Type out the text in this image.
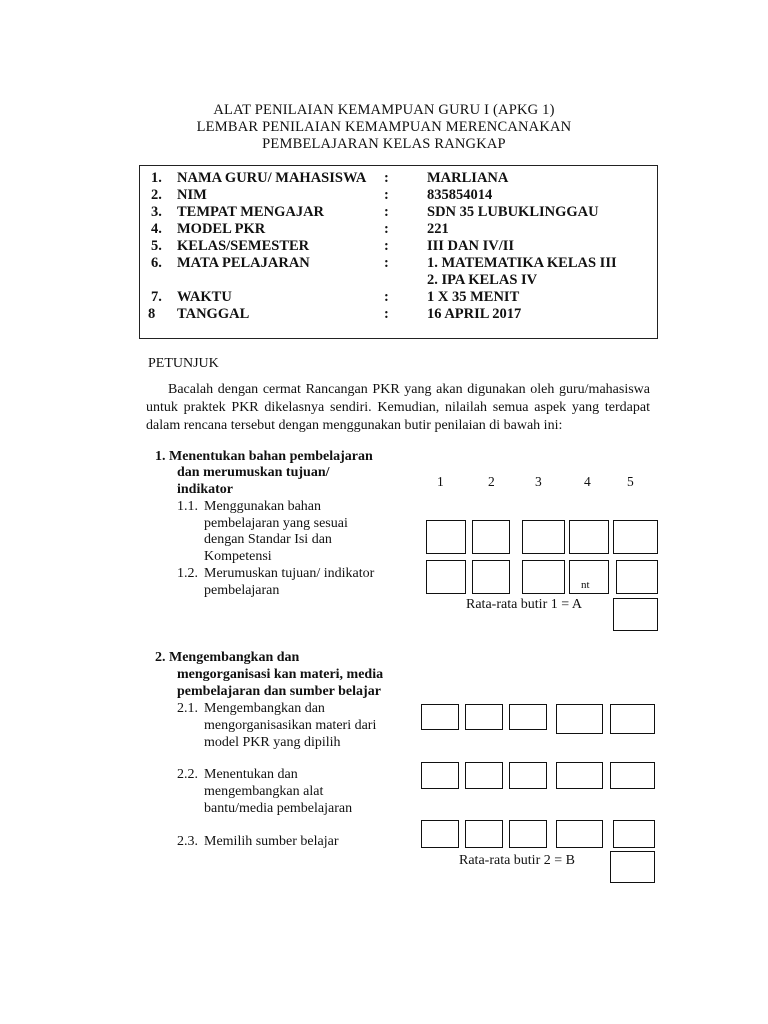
ALAT PENILAIAN KEMAMPUAN GURU I (APKG 1)
LEMBAR PENILAIAN KEMAMPUAN MERENCANAKAN
PEMBELAJARAN KELAS RANGKAP
1. NAMA GURU/ MAHASISWA :	MARLIANA
2. NIM	:	835854014
3. TEMPAT MENGAJAR	:	SDN 35 LUBUKLINGGAU
4. MODEL PKR	:	221
5. KELAS/SEMESTER	:	III DAN IV/II
6. MATA PELAJARAN	:	1. MATEMATIKA KELAS III
2. IPA KELAS IV
7. WAKTU	:	1 X 35 MENIT
8 TANGGAL	:	16 APRIL 2017
PETUNJUK
Bacalah dengan cermat Rancangan PKR yang akan digunakan oleh guru/mahasiswa untuk praktek PKR dikelasnya sendiri. Kemudian, nilailah semua aspek yang terdapat dalam rencana tersebut dengan menggunakan butir penilaian di bawah ini:
1. Menentukan bahan pembelajaran
dan merumuskan tujuan/
indikator
1	2	3	4	5
1.1. Menggunakan bahan
pembelajaran yang sesuai
dengan Standar Isi dan
Kompetensi
1.2. Merumuskan tujuan/ indikator
pembelajaran	nt
Rata-rata butir 1 = A
2. Mengembangkan dan
mengorganisasi kan materi, media
pembelajaran dan sumber belajar
2.1. Mengembangkan dan
mengorganisasikan materi dari
model PKR yang dipilih
2.2. Menentukan dan
mengembangkan alat
bantu/media pembelajaran
2.3. Memilih sumber belajar
Rata-rata butir 2 = B
